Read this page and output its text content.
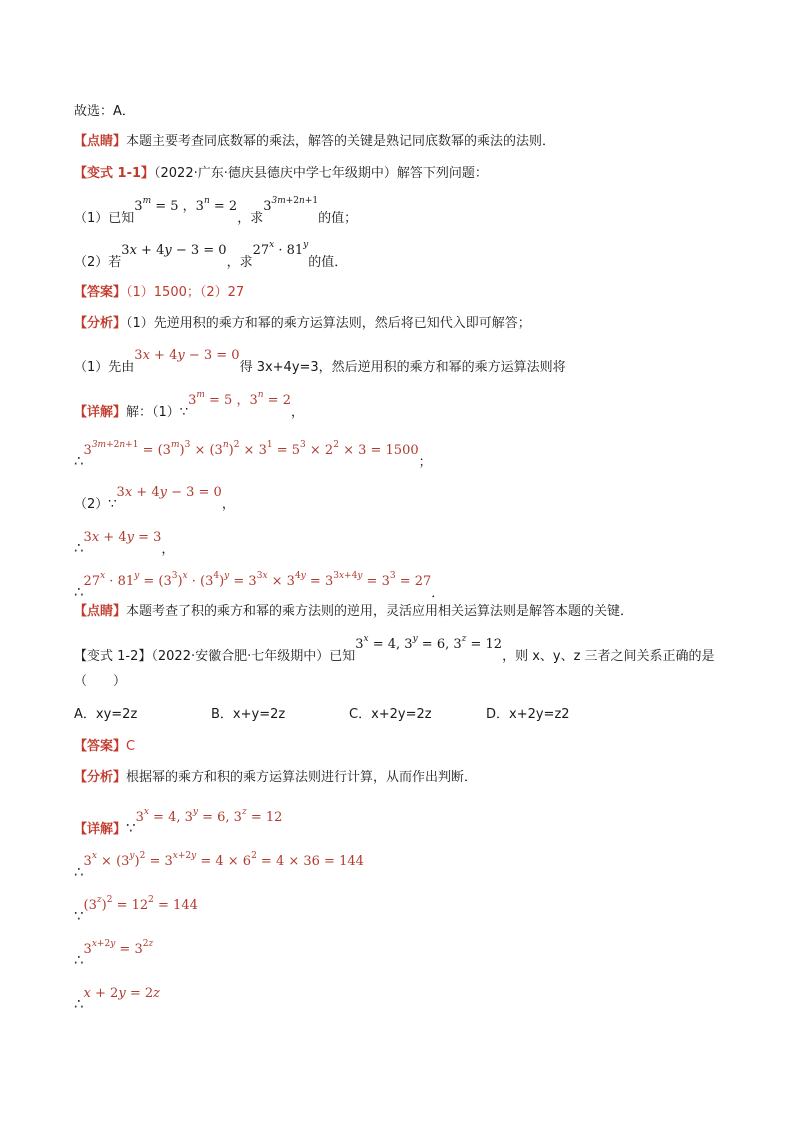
故选：A．
【点睛】本题主要考查同底数幂的乘法，解答的关键是熟记同底数幂的乘法的法则．
【变式 1-1】（2022·广东·德庆县德庆中学七年级期中）解答下列问题：
（1）已知$3^m = 5$ ，$3^n = 2$，求$3^{3m+2n+1}$的值；
（2）若3x + 4y − 3 = 0，求$27^x \cdot 81^y$的值．
【答案】（1）1500；（2）27
【分析】（1）先逆用积的乘方和幂的乘方运算法则，然后将已知代入即可解答；
（1）先由3x + 4y − 3 = 0得 3x+4y=3，然后逆用积的乘方和幂的乘方运算法则将
【详解】解：$(1)\because 3^m = 5$ ，$3^n = 2$，
$\therefore 3^{3m+2n+1} = (3^m)^3 \times (3^n)^2 \times 3^1 = 5^3 \times 2^2 \times 3 = 1500$；
（2）∵3x + 4y − 3 = 0，
∴3x + 4y = 3，
$\therefore 27^x \cdot 81^y = (3^3)^x \cdot (3^4)^y = 3^{3x} \times 3^{4y} = 3^{3x+4y} = 3^3 = 27$．
【点睛】本题考查了积的乘方和幂的乘方法则的逆用，灵活应用相关运算法则是解答本题的关键．
【变式 1-2】（2022·安徽合肥·七年级期中）已知$3^x = 4$, $3^y = 6$, $3^z = 12$，则 x、y、z 三者之间关系正确的是
（　　）
A．xy=2z	B．x+y=2z	C．x+2y=2z	D．x+2y=z2
【答案】C
【分析】根据幂的乘方和积的乘方运算法则进行计算，从而作出判断．
【详解】$\because 3^x = 4$, $3^y = 6$, $3^z = 12$
$\therefore 3^x \times (3^y)^2 = 3^{x+2y} = 4 \times 6^2 = 4 \times 36 = 144$
$\because(3^z)^2 = 12^2 = 144$
$\therefore 3^{x+2y} = 3^{2z}$
∴x + 2y = 2z
